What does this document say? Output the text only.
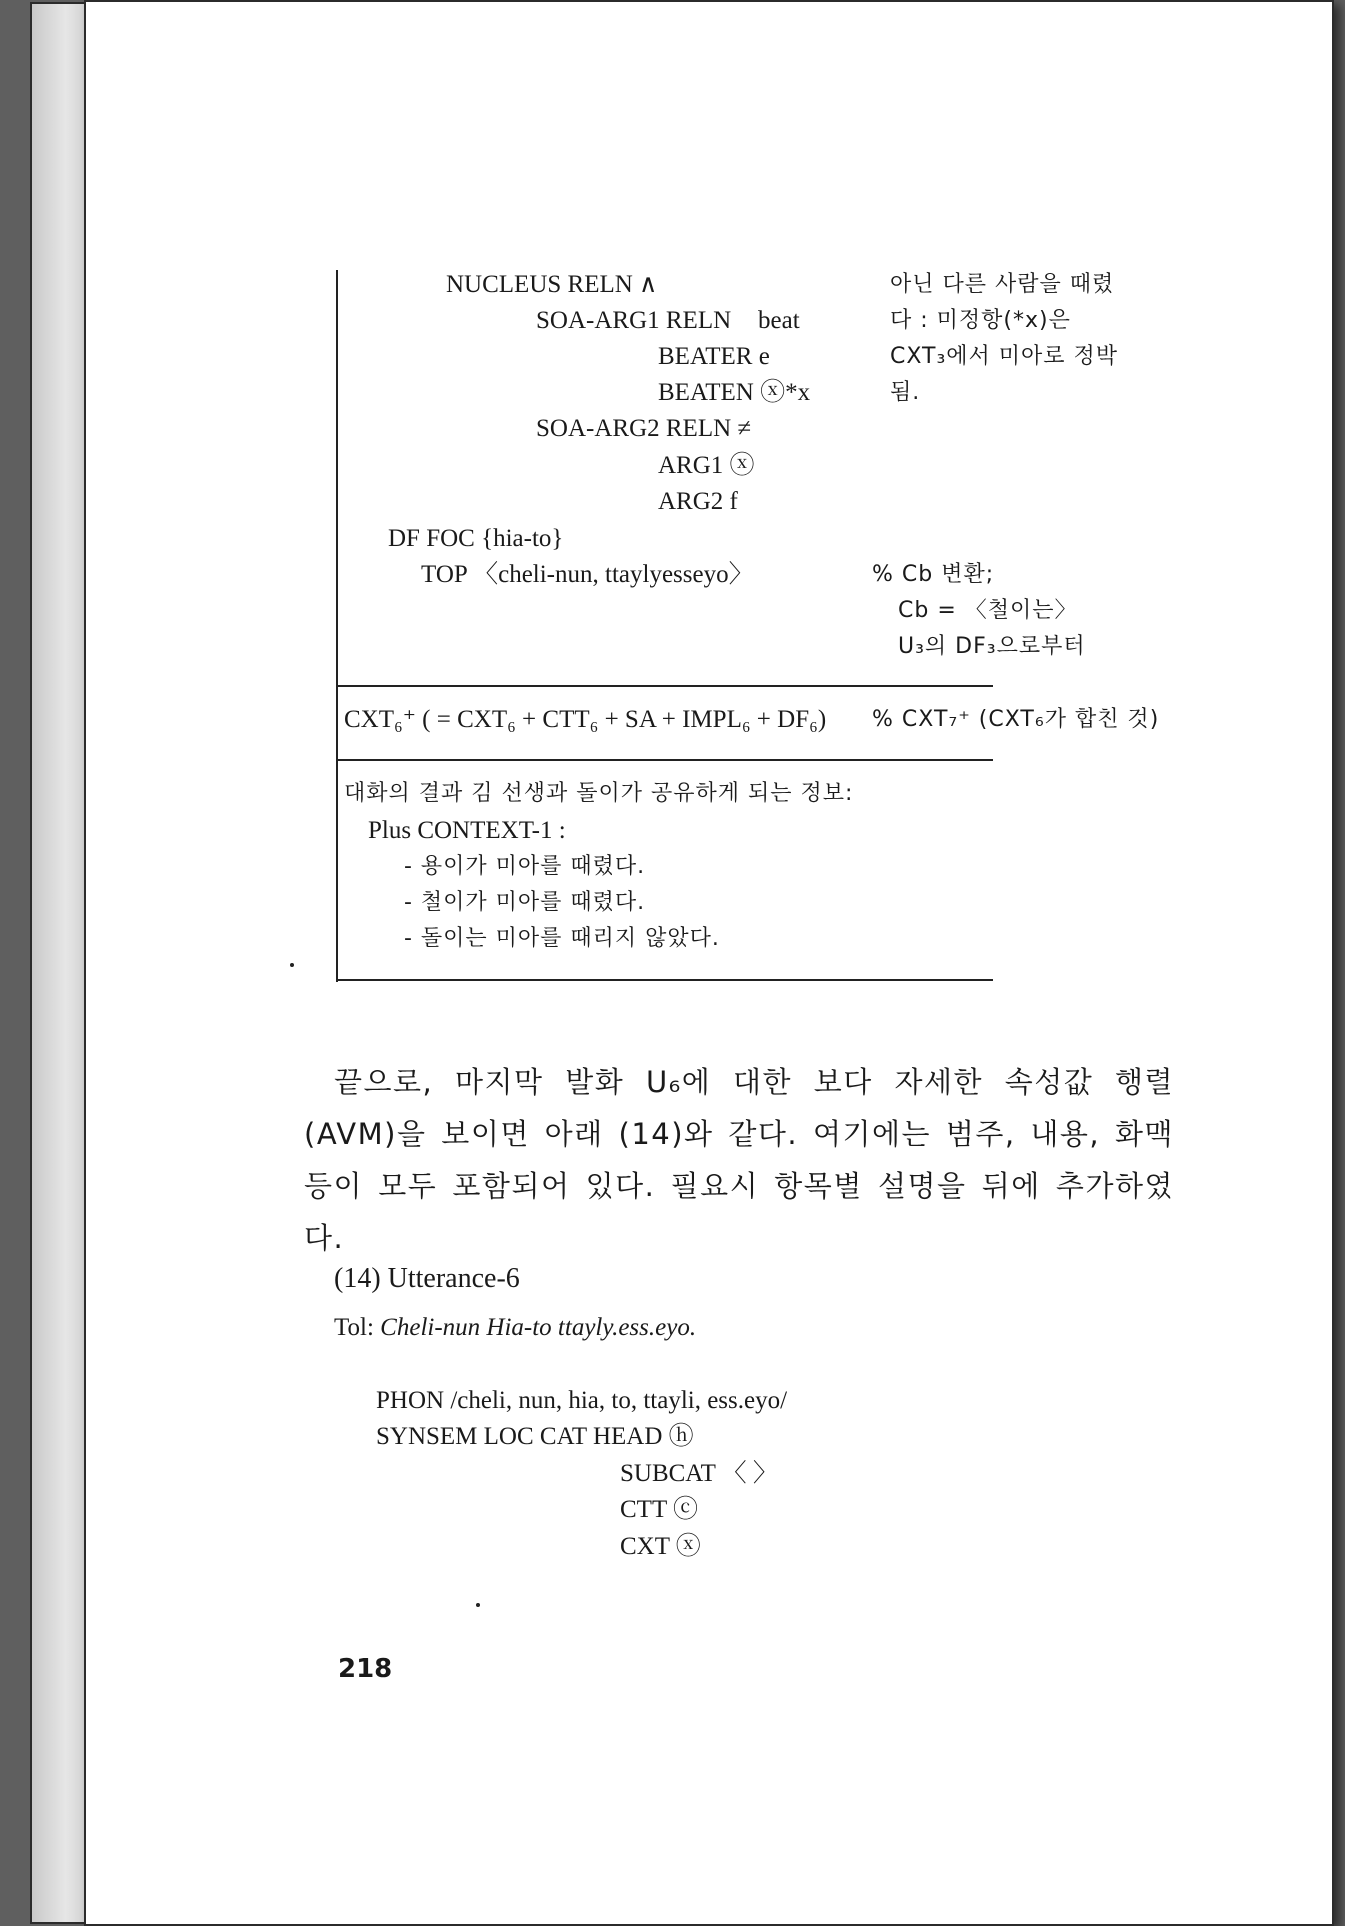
NUCLEUS RELN ∧
SOA-ARG1 RELN beat
BEATER e
BEATEN ⓧ*x
SOA-ARG2 RELN ≠
ARG1 ⓧ
ARG2 f
DF FOC {hia-to}
TOP 〈cheli-nun, ttaylyesseyo〉
아닌 다른 사람을 때렸
다 : 미정항(*x)은
CXT₃에서 미아로 정박
됨.
% Cb 변환;
Cb = 〈철이는〉
U₃의 DF₃으로부터
CXT₆⁺ ( = CXT₆ + CTT₆ + SA + IMPL₆ + DF₆) % CXT₇⁺ (CXT₆가 합친 것)
대화의 결과 김 선생과 돌이가 공유하게 되는 정보:
Plus CONTEXT-1 :
- 용이가 미아를 때렸다.
- 철이가 미아를 때렸다.
- 돌이는 미아를 때리지 않았다.

끝으로, 마지막 발화 U₆에 대한 보다 자세한 속성값 행렬(AVM)을 보이면 아래 (14)와 같다. 여기에는 범주, 내용, 화맥 등이 모두 포함되어 있다. 필요시 항목별 설명을 뒤에 추가하였다.

(14) Utterance-6
Tol: Cheli-nun Hia-to ttayly.ess.eyo.
PHON /cheli, nun, hia, to, ttayli, ess.eyo/
SYNSEM LOC CAT HEAD ⓗ
SUBCAT 〈 〉
CTT ⓒ
CXT ⓧ
218
